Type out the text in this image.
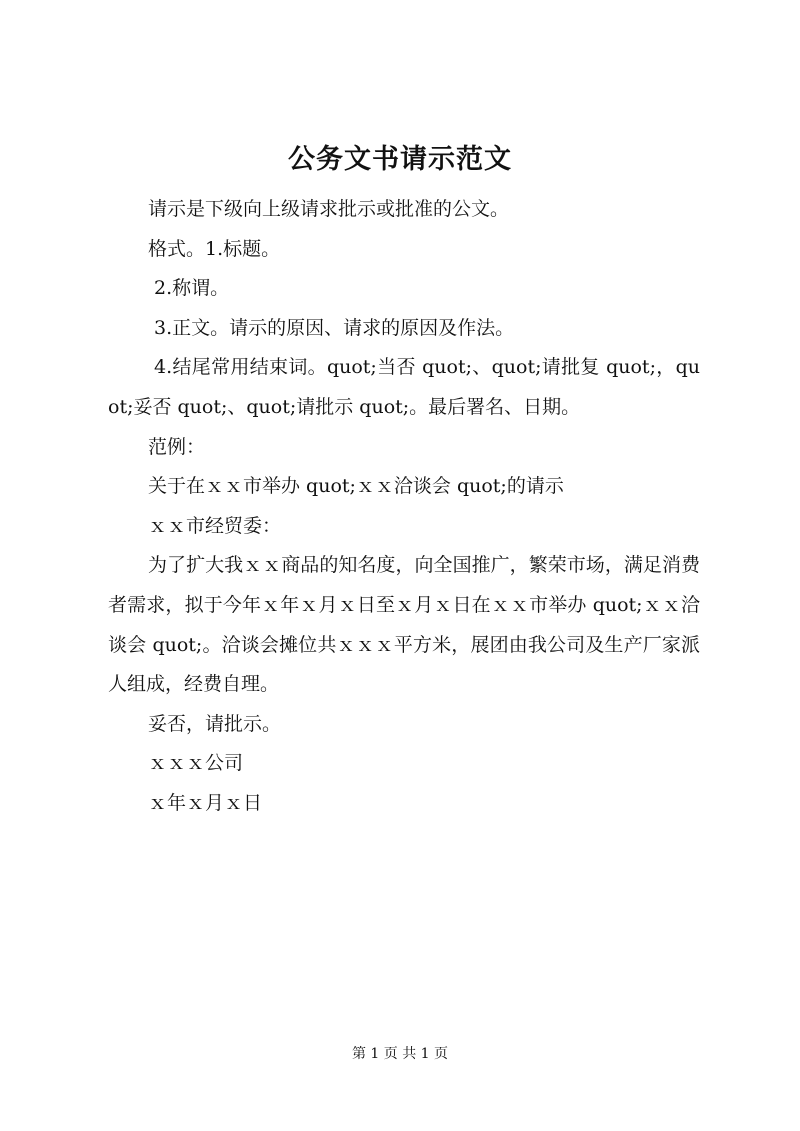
公务文书请示范文

请示是下级向上级请求批示或批准的公文。

格式。1.标题。

2.称谓。

3.正文。请示的原因、请求的原因及作法。

4.结尾常用结束词。quot;当否 quot;、quot;请批复 quot;，quot;妥否 quot;、quot;请批示 quot;。最后署名、日期。

范例：

关于在ｘｘ市举办 quot;ｘｘ洽谈会 quot;的请示

ｘｘ市经贸委：

为了扩大我ｘｘ商品的知名度，向全国推广，繁荣市场，满足消费者需求，拟于今年ｘ年ｘ月ｘ日至ｘ月ｘ日在ｘｘ市举办 quot;ｘｘ洽谈会 quot;。洽谈会摊位共ｘｘｘ平方米，展团由我公司及生产厂家派人组成，经费自理。

妥否，请批示。

ｘｘｘ公司

ｘ年ｘ月ｘ日

第 1 页 共 1 页
